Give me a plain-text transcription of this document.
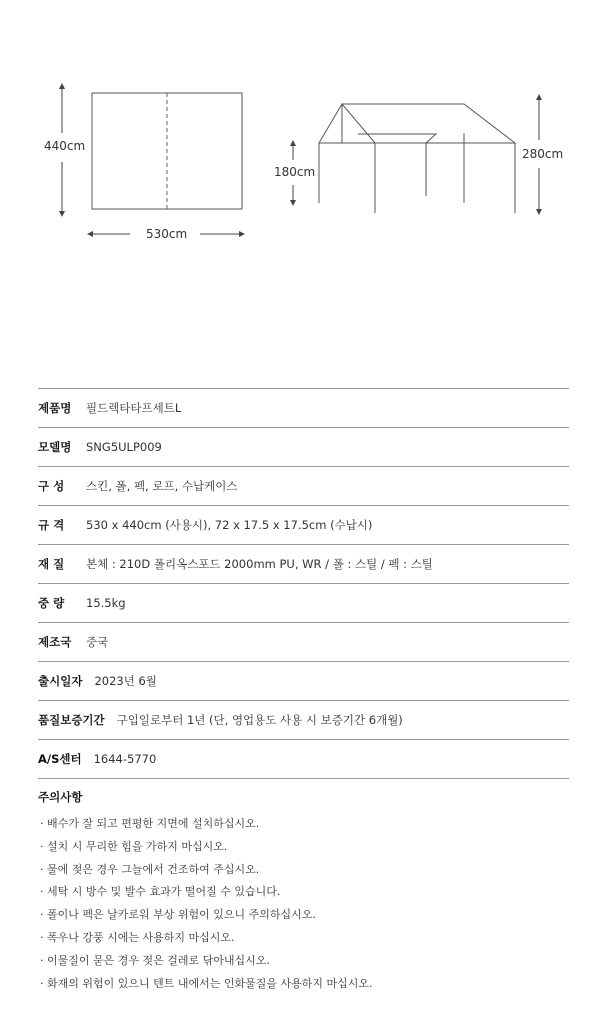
440cm
530cm
180cm
280cm
제품명 필드렉타타프세트L
모델명 SNG5ULP009
구 성	스킨, 폴, 펙, 로프, 수납케이스
규 격	530 x 440cm (사용시), 72 x 17.5 x 17.5cm (수납시)
재 질	본체 : 210D 폴리옥스포드 2000mm PU, WR / 폴 : 스틸 / 펙 : 스틸
중 량	15.5kg
제조국 중국
출시일자 2023년 6월
품질보증기간 구입일로부터 1년 (단, 영업용도 사용 시 보증기간 6개월)
A/S센터 1644-5770
주의사항
· 배수가 잘 되고 편평한 지면에 설치하십시오.
· 설치 시 무리한 힘을 가하지 마십시오.
· 물에 젖은 경우 그늘에서 건조하여 주십시오.
· 세탁 시 방수 및 발수 효과가 떨어질 수 있습니다.
· 폴이나 펙은 날카로워 부상 위험이 있으니 주의하십시오.
· 폭우나 강풍 시에는 사용하지 마십시오.
· 이물질이 묻은 경우 젖은 걸레로 닦아내십시오.
· 화재의 위험이 있으니 텐트 내에서는 인화물질을 사용하지 마십시오.
